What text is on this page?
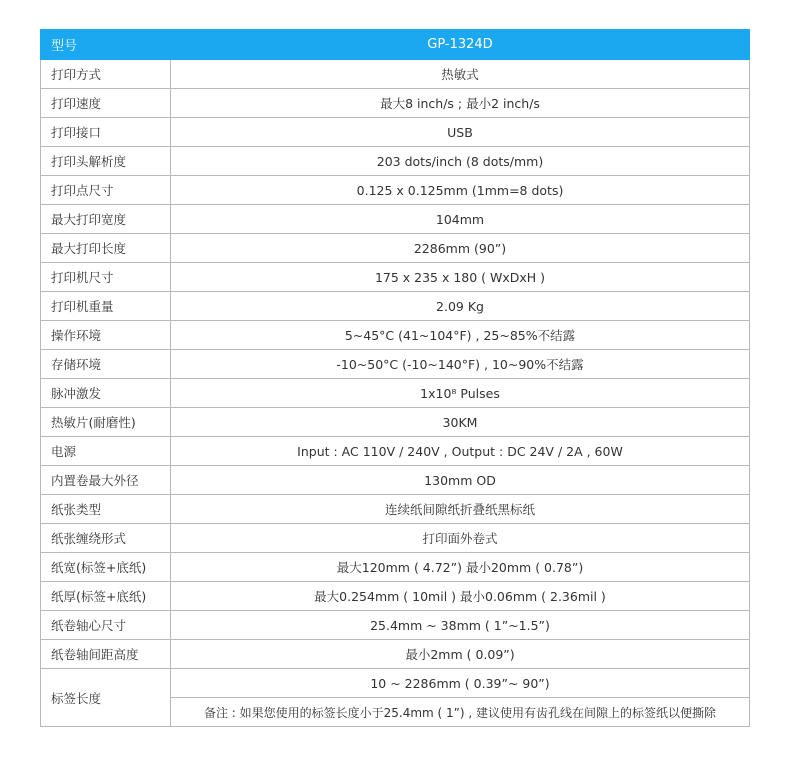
型号	GP-1324D
打印方式	热敏式
打印速度	最大8 inch/s ; 最小2 inch/s
打印接口	USB
打印头解析度	203 dots/inch (8 dots/mm)
打印点尺寸	0.125 x 0.125mm (1mm=8 dots)
最大打印宽度	104mm
最大打印长度	2286mm (90”)
打印机尺寸	175 x 235 x 180 ( WxDxH )
打印机重量	2.09 Kg
操作环境	5~45°C (41~104°F) , 25~85%不结露
存储环境	-10~50°C (-10~140°F) , 10~90%不结露
脉冲激发	1x10⁸ Pulses
热敏片(耐磨性)	30KM
电源	Input : AC 110V / 240V , Output : DC 24V / 2A , 60W
内置卷最大外径	130mm OD
纸张类型	连续纸间隙纸折叠纸黑标纸
纸张缠绕形式	打印面外卷式
纸宽(标签+底纸)	最大120mm ( 4.72”) 最小20mm ( 0.78”)
纸厚(标签+底纸)	最大0.254mm ( 10mil ) 最小0.06mm ( 2.36mil )
纸卷轴心尺寸	25.4mm ~ 38mm ( 1”~1.5”)
纸卷轴间距高度	最小2mm ( 0.09”)
标签长度	10 ~ 2286mm ( 0.39”~ 90”)
	备注 : 如果您使用的标签长度小于25.4mm ( 1”) , 建议使用有齿孔线在间隙上的标签纸以便撕除
